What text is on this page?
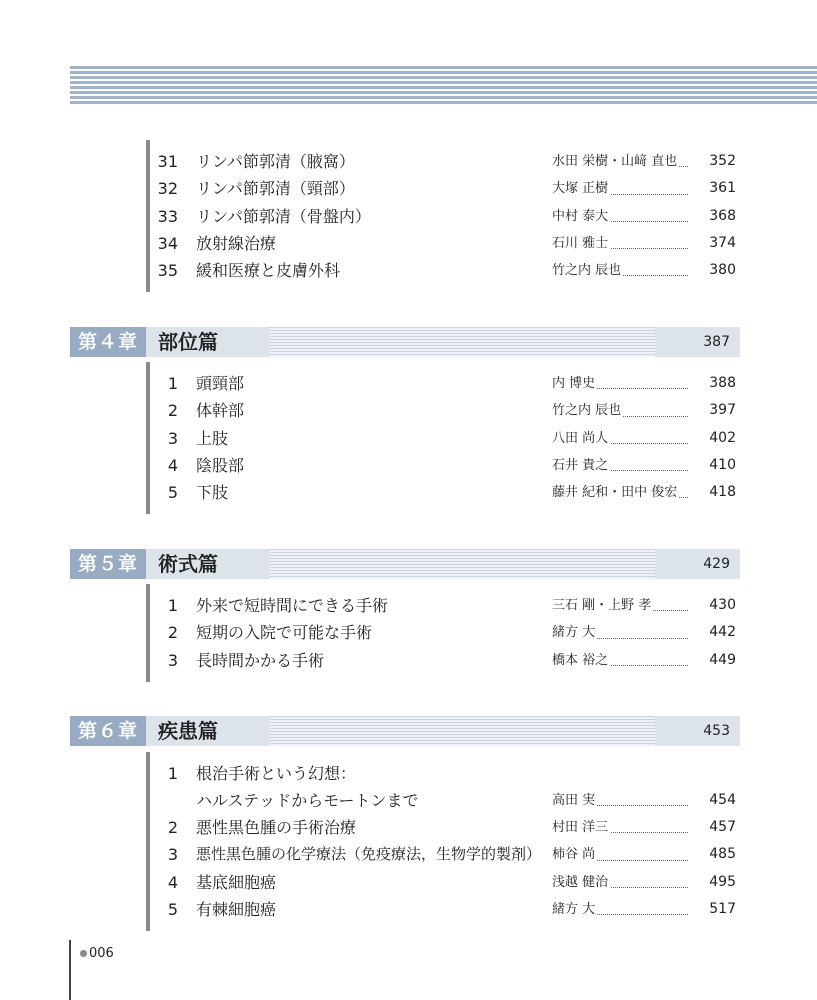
31 リンパ節郭清（腋窩）	水田 栄樹・山﨑 直也	352
32 リンパ節郭清（頸部）	大塚 正樹	361
33 リンパ節郭清（骨盤内）	中村 泰大	368
34 放射線治療	石川 雅士	374
35 緩和医療と皮膚外科	竹之内 辰也	380
第４章	部位篇	387
1 頭頸部	内 博史	388
2 体幹部	竹之内 辰也	397
3 上肢	八田 尚人	402
4 陰股部	石井 貴之	410
5 下肢	藤井 紀和・田中 俊宏	418
第５章	術式篇	429
1 外来で短時間にできる手術	三石 剛・上野 孝	430
2 短期の入院で可能な手術	緒方 大	442
3 長時間かかる手術	橋本 裕之	449
第６章	疾患篇	453
1 根治手術という幻想：
ハルステッドからモートンまで	高田 実	454
2 悪性黒色腫の手術治療	村田 洋三	457
3 悪性黒色腫の化学療法（免疫療法，生物学的製剤） 柿谷 尚	485
4 基底細胞癌	浅越 健治	495
5 有棘細胞癌	緒方 大	517
006
